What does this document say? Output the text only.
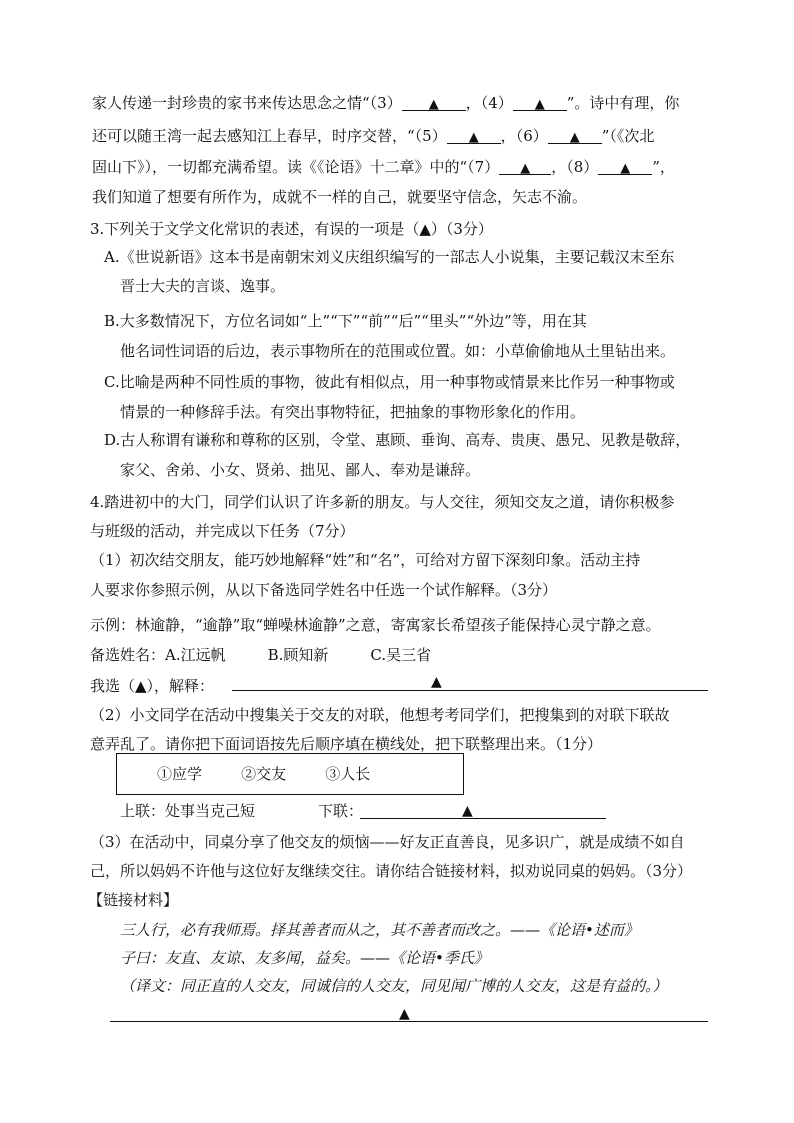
家人传递一封珍贵的家书来传达思念之情“（3） ▲ ，（4） ▲ ”。诗中有理，你
还可以随王湾一起去感知江上春早，时序交替，“（5） ▲ ，（6） ▲ ”（《次北
固山下》），一切都充满希望。读《《论语》十二章》中的“（7） ▲ ，（8） ▲ ”，
我们知道了想要有所作为，成就不一样的自己，就要坚守信念，矢志不渝。
3.下列关于文学文化常识的表述，有误的一项是（▲）（3分）
A.《世说新语》这本书是南朝宋刘义庆组织编写的一部志人小说集，主要记载汉末至东
晋士大夫的言谈、逸事。
B.大多数情况下，方位名词如“上”“下”“前”“后”“里头”“外边”等，用在其
他名词性词语的后边，表示事物所在的范围或位置。如：小草偷偷地从土里钻出来。
C.比喻是两种不同性质的事物，彼此有相似点，用一种事物或情景来比作另一种事物或
情景的一种修辞手法。有突出事物特征，把抽象的事物形象化的作用。
D.古人称谓有谦称和尊称的区别，令堂、惠顾、垂询、高寿、贵庚、愚兄、见教是敬辞，
家父、舍弟、小女、贤弟、拙见、鄙人、奉劝是谦辞。
4.踏进初中的大门，同学们认识了许多新的朋友。与人交往，须知交友之道，请你积极参
与班级的活动，并完成以下任务（7分）
（1）初次结交朋友，能巧妙地解释“姓”和“名”，可给对方留下深刻印象。活动主持
人要求你参照示例，从以下备选同学姓名中任选一个试作解释。（3分）
示例：林逾静，“逾静”取“蝉噪林逾静”之意，寄寓家长希望孩子能保持心灵宁静之意。
备选姓名：A.江远帆	B.顾知新	C.吴三省
我选（▲），解释：	▲
（2）小文同学在活动中搜集关于交友的对联，他想考考同学们，把搜集到的对联下联故
意弄乱了。请你把下面词语按先后顺序填在横线处，把下联整理出来。（1分）
①应学	②交友	③人长
上联：处事当克己短	下联：	▲
（3）在活动中，同桌分享了他交友的烦恼——好友正直善良，见多识广，就是成绩不如自
己，所以妈妈不许他与这位好友继续交往。请你结合链接材料，拟劝说同桌的妈妈。（3分）
【链接材料】
三人行，必有我师焉。择其善者而从之，其不善者而改之。——《论语•述而》
子曰：友直、友谅、友多闻，益矣。——《论语•季氏》
（译文：同正直的人交友，同诚信的人交友，同见闻广博的人交友，这是有益的。）
▲
